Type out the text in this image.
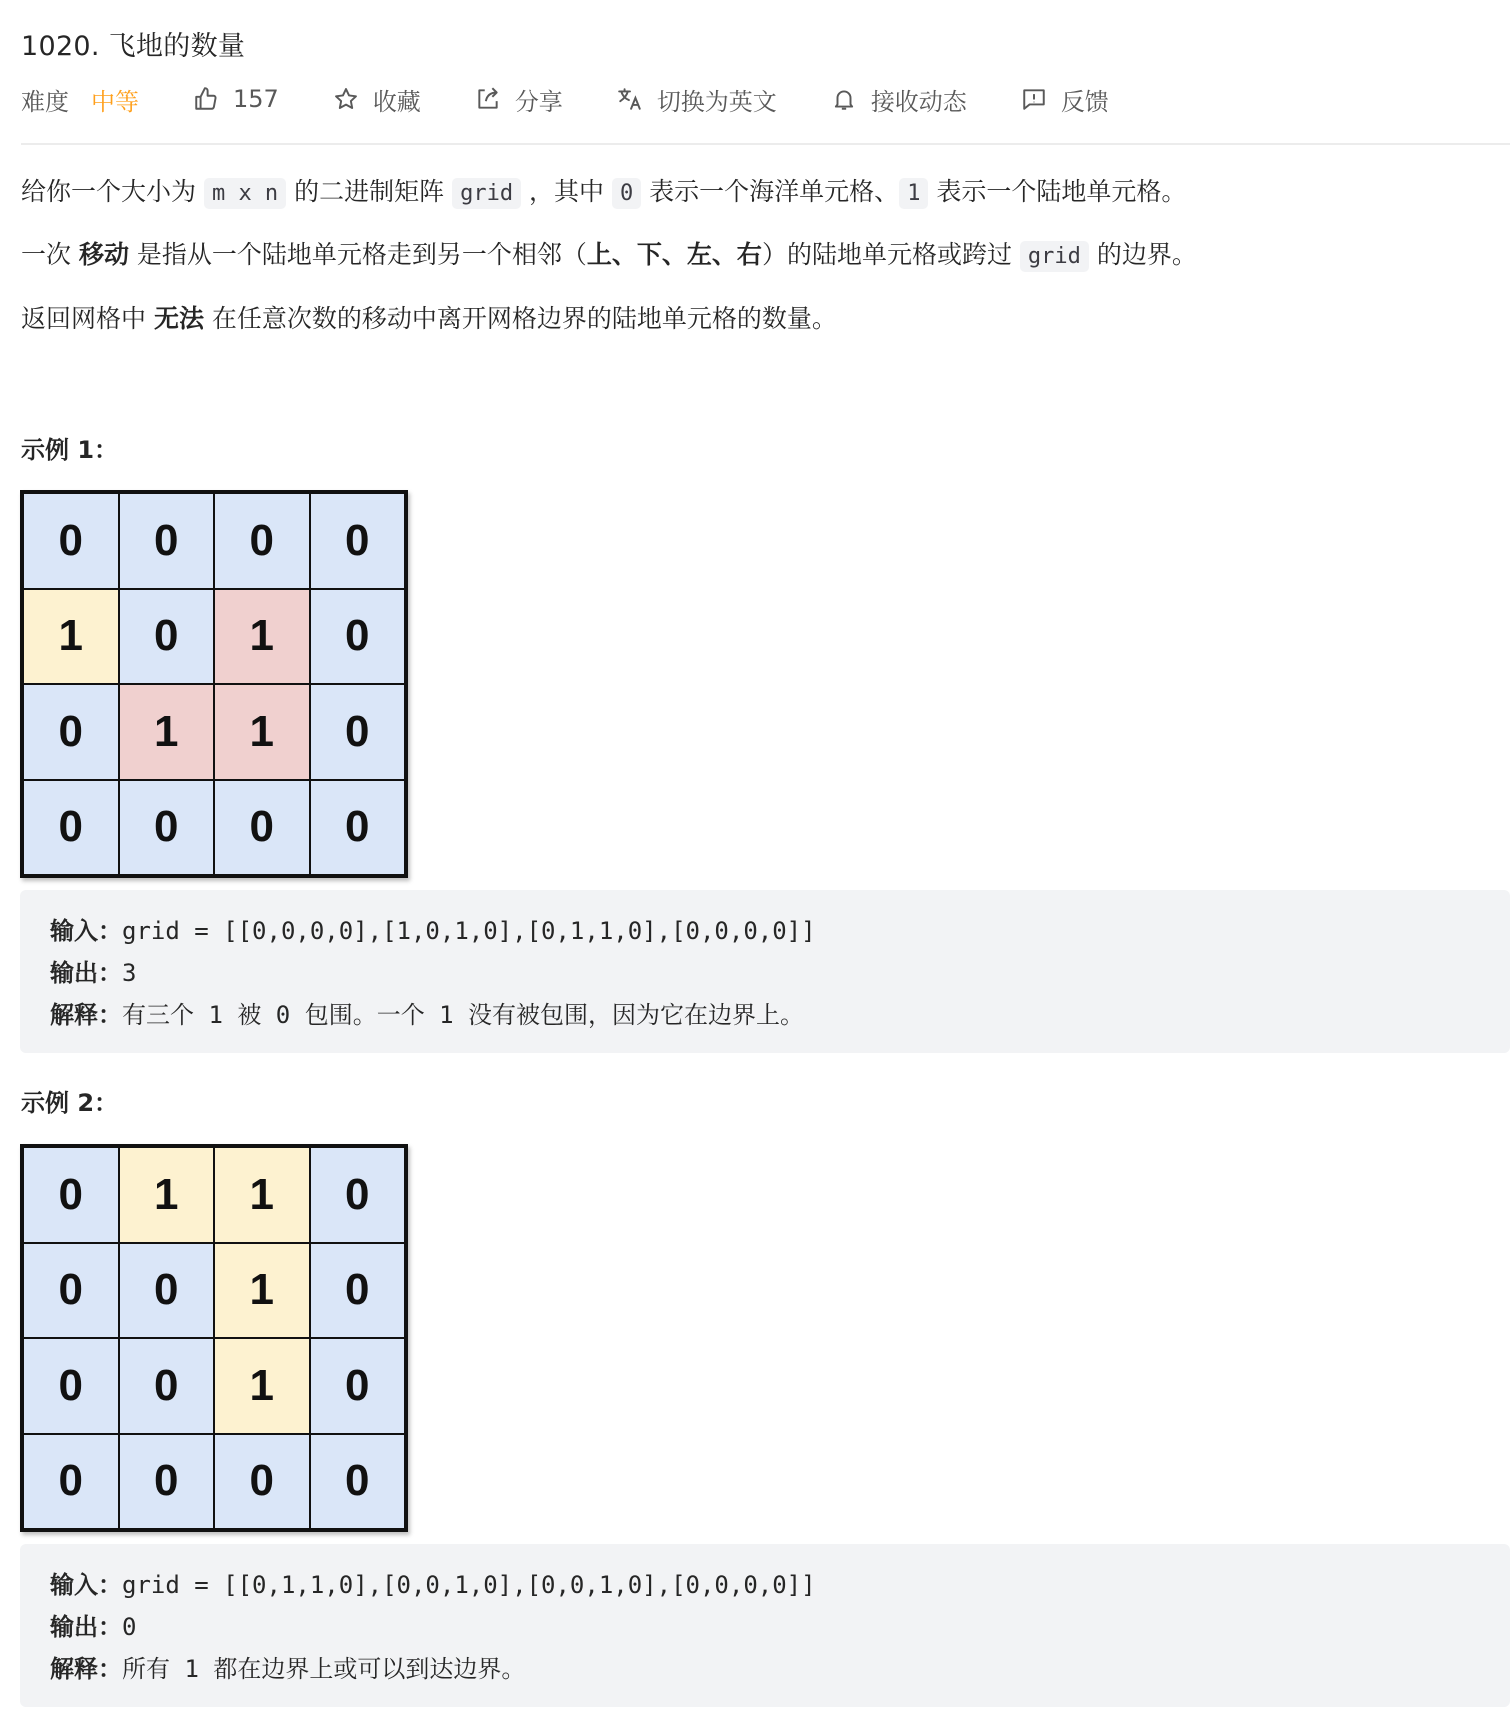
1020. 飞地的数量
难度 中等	157	收藏	分享	切换为英文	接收动态	反馈

给你一个大小为 m x n 的二进制矩阵 grid ，其中 0 表示一个海洋单元格、 1 表示一个陆地单元格。

一次 移动 是指从一个陆地单元格走到另一个相邻（上、下、左、右）的陆地单元格或跨过 grid 的边界。

返回网格中 无法 在任意次数的移动中离开网格边界的陆地单元格的数量。

示例 1：
0	0	0	0
1	0	1	0
0	1	1	0
0	0	0	0
输入：grid = [[0,0,0,0],[1,0,1,0],[0,1,1,0],[0,0,0,0]]
输出：3
解释：有三个 1 被 0 包围。一个 1 没有被包围，因为它在边界上。
示例 2：
0	1	1	0
0	0	1	0
0	0	1	0
0	0	0	0
输入：grid = [[0,1,1,0],[0,0,1,0],[0,0,1,0],[0,0,0,0]]
输出：0
解释：所有 1 都在边界上或可以到达边界。
